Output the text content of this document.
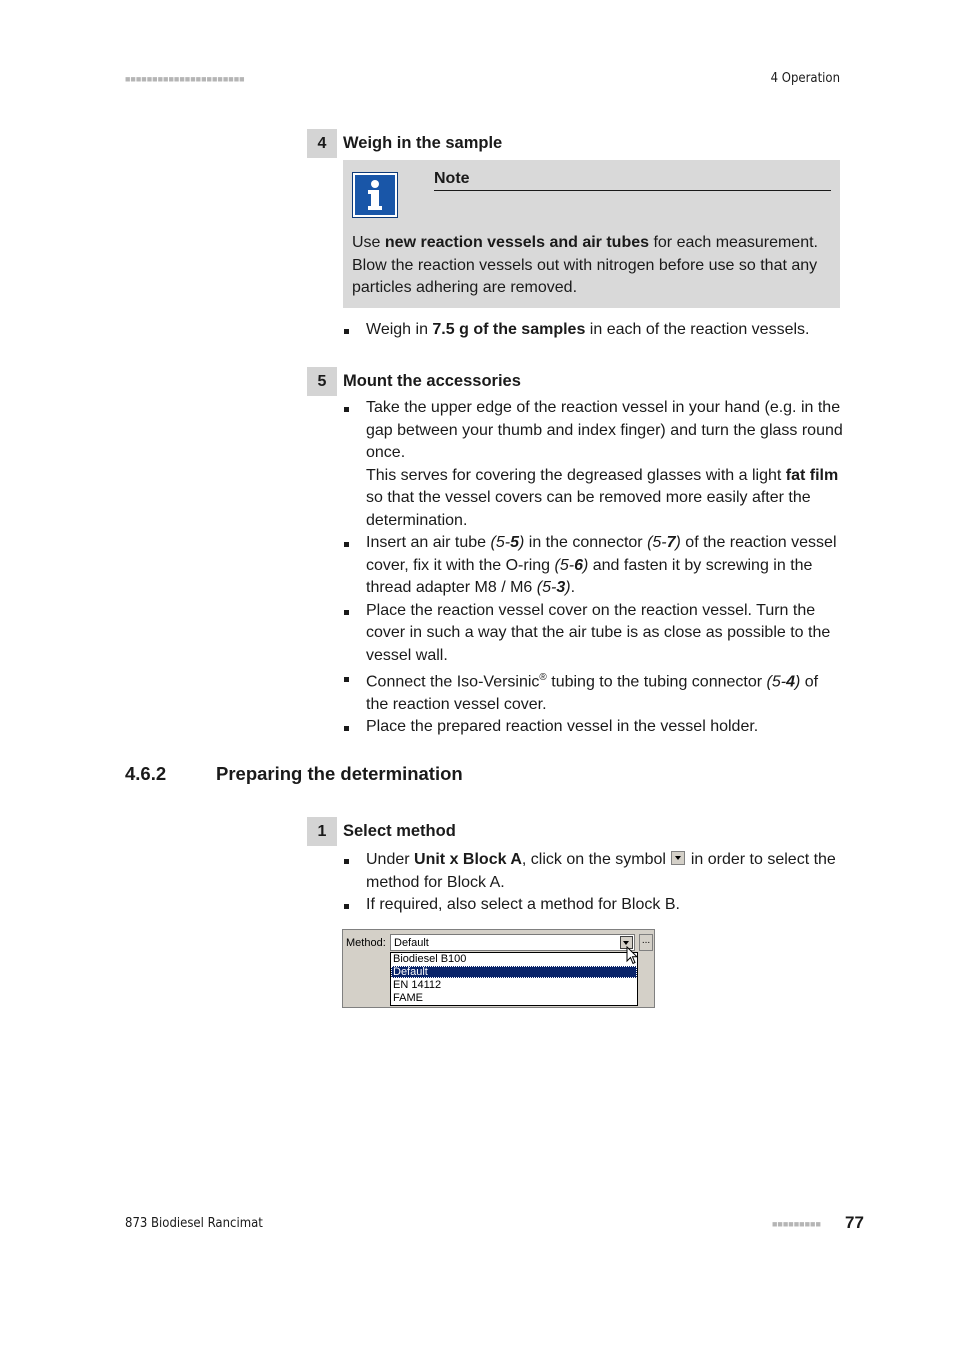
■■■■■■■■■■■■■■■■■■■■■■	4 Operation
4	Weigh in the sample
Note
Use new reaction vessels and air tubes for each measurement. Blow the reaction vessels out with nitrogen before use so that any particles adhering are removed.
Weigh in 7.5 g of the samples in each of the reaction vessels.
5	Mount the accessories
Take the upper edge of the reaction vessel in your hand (e.g. in the gap between your thumb and index finger) and turn the glass round once.
This serves for covering the degreased glasses with a light fat film so that the vessel covers can be removed more easily after the determination.
Insert an air tube (5-5) in the connector (5-7) of the reaction vessel cover, fix it with the O-ring (5-6) and fasten it by screwing in the thread adapter M8 / M6 (5-3).
Place the reaction vessel cover on the reaction vessel. Turn the cover in such a way that the air tube is as close as possible to the vessel wall.
Connect the Iso-Versinic® tubing to the tubing connector (5-4) of the reaction vessel cover.
Place the prepared reaction vessel in the vessel holder.
4.6.2	Preparing the determination
1	Select method
Under Unit x Block A, click on the symbol  in order to select the method for Block A.
If required, also select a method for Block B.
Method: Default	...
Biodiesel B100
Default
EN 14112
FAME
873 Biodiesel Rancimat	■■■■■■■■■ 77
